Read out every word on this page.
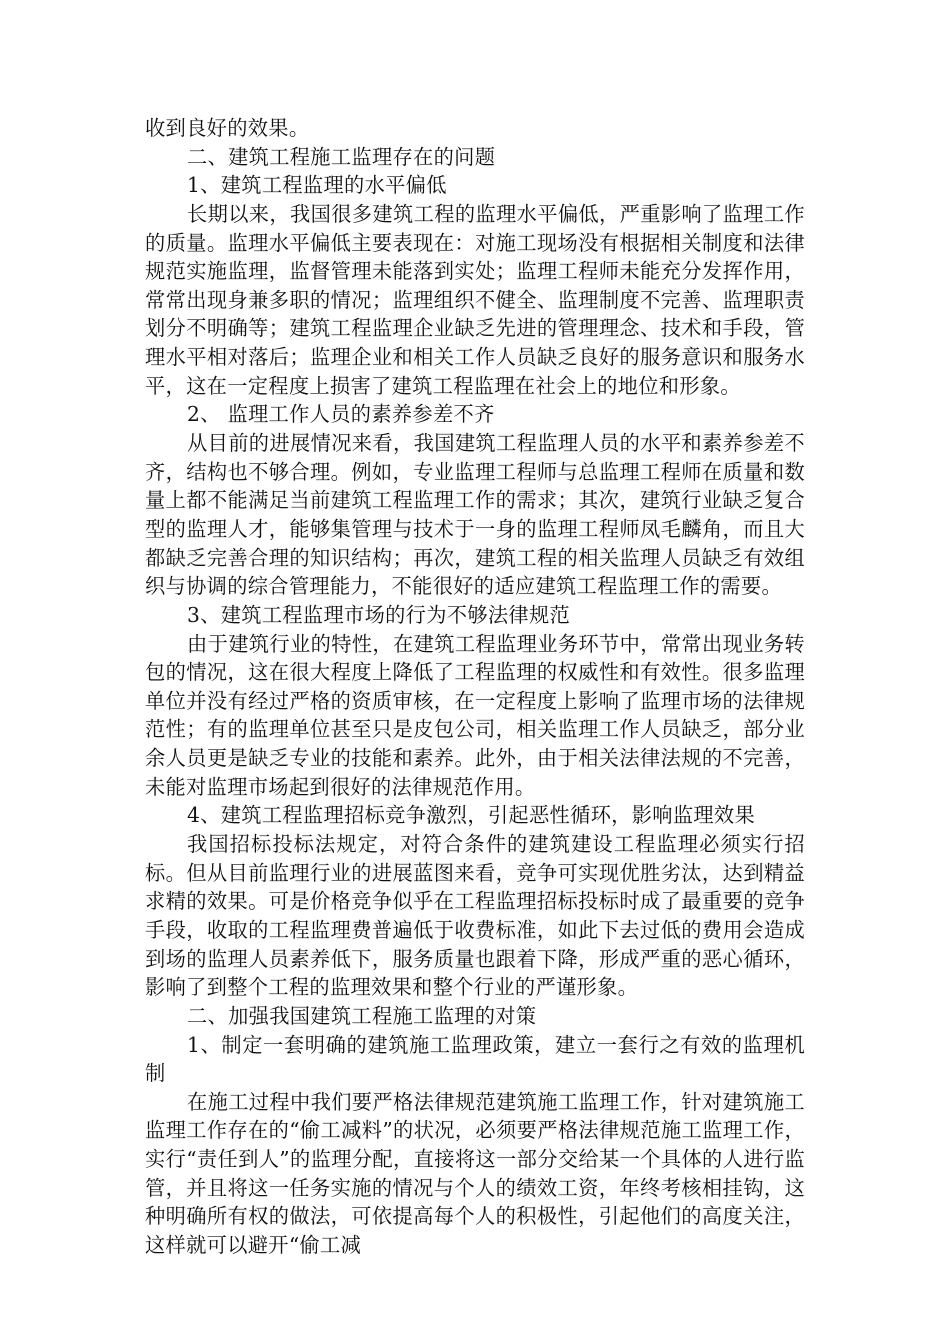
收到良好的效果。

二、建筑工程施工监理存在的问题

1、建筑工程监理的水平偏低

长期以来，我国很多建筑工程的监理水平偏低，严重影响了监理工作的质量。监理水平偏低主要表现在：对施工现场没有根据相关制度和法律规范实施监理，监督管理未能落到实处；监理工程师未能充分发挥作用，常常出现身兼多职的情况；监理组织不健全、监理制度不完善、监理职责划分不明确等；建筑工程监理企业缺乏先进的管理理念、技术和手段，管理水平相对落后；监理企业和相关工作人员缺乏良好的服务意识和服务水平，这在一定程度上损害了建筑工程监理在社会上的地位和形象。

2、 监理工作人员的素养参差不齐

从目前的进展情况来看，我国建筑工程监理人员的水平和素养参差不齐，结构也不够合理。例如，专业监理工程师与总监理工程师在质量和数量上都不能满足当前建筑工程监理工作的需求；其次，建筑行业缺乏复合型的监理人才，能够集管理与技术于一身的监理工程师凤毛麟角，而且大都缺乏完善合理的知识结构；再次，建筑工程的相关监理人员缺乏有效组织与协调的综合管理能力，不能很好的适应建筑工程监理工作的需要。

3、建筑工程监理市场的行为不够法律规范

由于建筑行业的特性，在建筑工程监理业务环节中，常常出现业务转包的情况，这在很大程度上降低了工程监理的权威性和有效性。很多监理单位并没有经过严格的资质审核，在一定程度上影响了监理市场的法律规范性；有的监理单位甚至只是皮包公司，相关监理工作人员缺乏，部分业余人员更是缺乏专业的技能和素养。此外，由于相关法律法规的不完善，未能对监理市场起到很好的法律规范作用。

4、建筑工程监理招标竞争激烈，引起恶性循环，影响监理效果

我国招标投标法规定，对符合条件的建筑建设工程监理必须实行招标。但从目前监理行业的进展蓝图来看，竞争可实现优胜劣汰，达到精益求精的效果。可是价格竞争似乎在工程监理招标投标时成了最重要的竞争手段，收取的工程监理费普遍低于收费标准，如此下去过低的费用会造成到场的监理人员素养低下，服务质量也跟着下降，形成严重的恶心循环，影响了到整个工程的监理效果和整个行业的严谨形象。

二、加强我国建筑工程施工监理的对策

1、制定一套明确的建筑施工监理政策，建立一套行之有效的监理机制

在施工过程中我们要严格法律规范建筑施工监理工作，针对建筑施工监理工作存在的“偷工减料”的状况，必须要严格法律规范施工监理工作，实行“责任到人”的监理分配，直接将这一部分交给某一个具体的人进行监管，并且将这一任务实施的情况与个人的绩效工资，年终考核相挂钩，这种明确所有权的做法，可依提高每个人的积极性，引起他们的高度关注，这样就可以避开“偷工减
